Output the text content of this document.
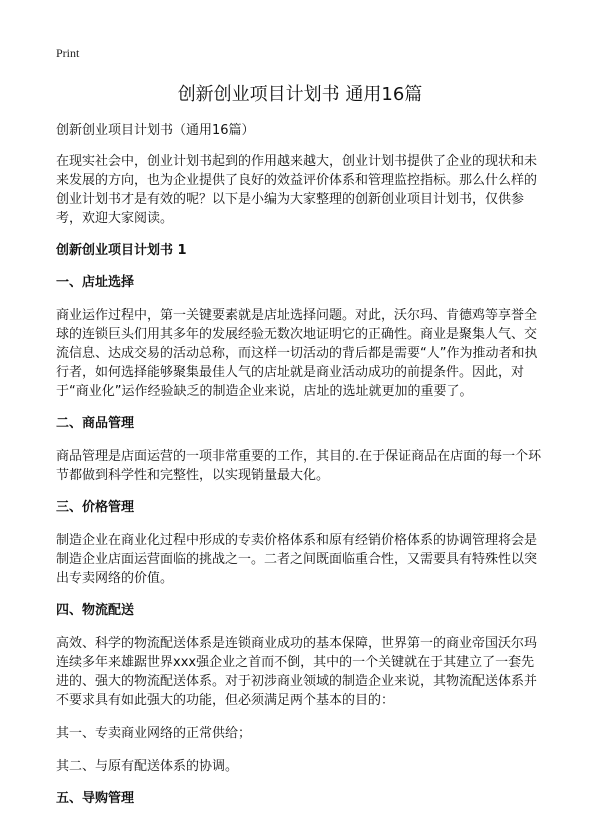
Print
创新创业项目计划书 通用16篇

创新创业项目计划书（通用16篇）

在现实社会中，创业计划书起到的作用越来越大，创业计划书提供了企业的现状和未来发展的方向，也为企业提供了良好的效益评价体系和管理监控指标。那么什么样的创业计划书才是有效的呢？以下是小编为大家整理的创新创业项目计划书，仅供参考，欢迎大家阅读。

创新创业项目计划书 1

一、店址选择

商业运作过程中，第一关键要素就是店址选择问题。对此，沃尔玛、肯德鸡等享誉全球的连锁巨头们用其多年的发展经验无数次地证明它的正确性。商业是聚集人气、交流信息、达成交易的活动总称，而这样一切活动的背后都是需要“人”作为推动者和执行者，如何选择能够聚集最佳人气的店址就是商业活动成功的前提条件。因此，对于“商业化”运作经验缺乏的制造企业来说，店址的选址就更加的重要了。

二、商品管理

商品管理是店面运营的一项非常重要的工作，其目的.在于保证商品在店面的每一个环节都做到科学性和完整性，以实现销量最大化。

三、价格管理

制造企业在商业化过程中形成的专卖价格体系和原有经销价格体系的协调管理将会是制造企业店面运营面临的挑战之一。二者之间既面临重合性，又需要具有特殊性以突出专卖网络的价值。

四、物流配送

高效、科学的物流配送体系是连锁商业成功的基本保障，世界第一的商业帝国沃尔玛连续多年来雄踞世界xxx强企业之首而不倒，其中的一个关键就在于其建立了一套先进的、强大的物流配送体系。对于初涉商业领域的制造企业来说，其物流配送体系并不要求具有如此强大的功能，但必须满足两个基本的目的：

其一、专卖商业网络的正常供给；

其二、与原有配送体系的协调。

五、导购管理
